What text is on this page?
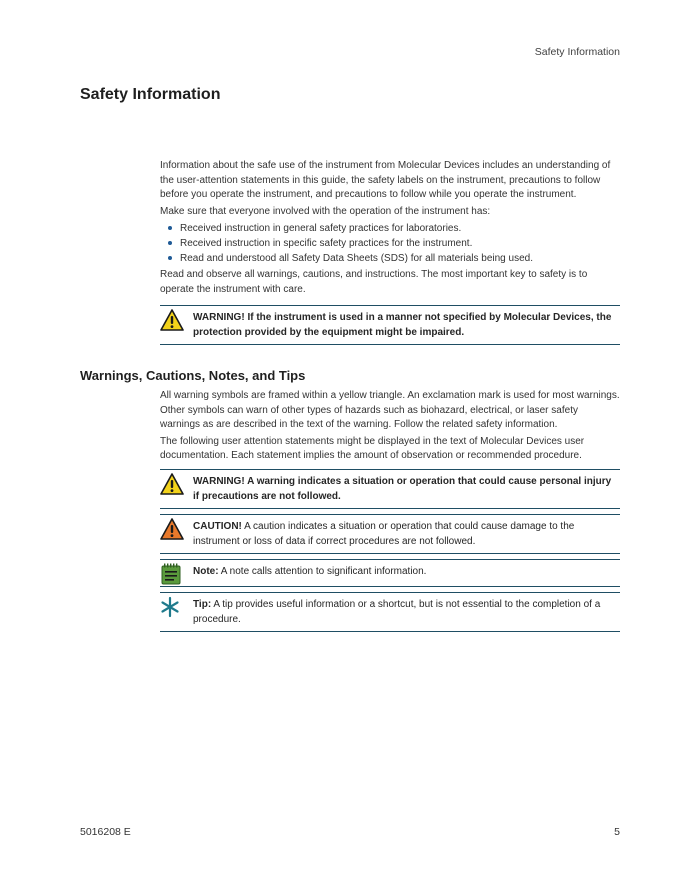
Safety Information
Safety Information

Information about the safe use of the instrument from Molecular Devices includes an understanding of the user-attention statements in this guide, the safety labels on the instrument, precautions to follow before you operate the instrument, and precautions to follow while you operate the instrument.

Make sure that everyone involved with the operation of the instrument has:

Received instruction in general safety practices for laboratories.
Received instruction in specific safety practices for the instrument.
Read and understood all Safety Data Sheets (SDS) for all materials being used.

Read and observe all warnings, cautions, and instructions. The most important key to safety is to operate the instrument with care.

WARNING! If the instrument is used in a manner not specified by Molecular Devices, the protection provided by the equipment might be impaired.
Warnings, Cautions, Notes, and Tips

All warning symbols are framed within a yellow triangle. An exclamation mark is used for most warnings. Other symbols can warn of other types of hazards such as biohazard, electrical, or laser safety warnings as are described in the text of the warning. Follow the related safety information.

The following user attention statements might be displayed in the text of Molecular Devices user documentation. Each statement implies the amount of observation or recommended procedure.

WARNING! A warning indicates a situation or operation that could cause personal injury if precautions are not followed.
CAUTION! A caution indicates a situation or operation that could cause damage to the instrument or loss of data if correct procedures are not followed.
Note: A note calls attention to significant information.
Tip: A tip provides useful information or a shortcut, but is not essential to the completion of a procedure.
5016208 E	5
